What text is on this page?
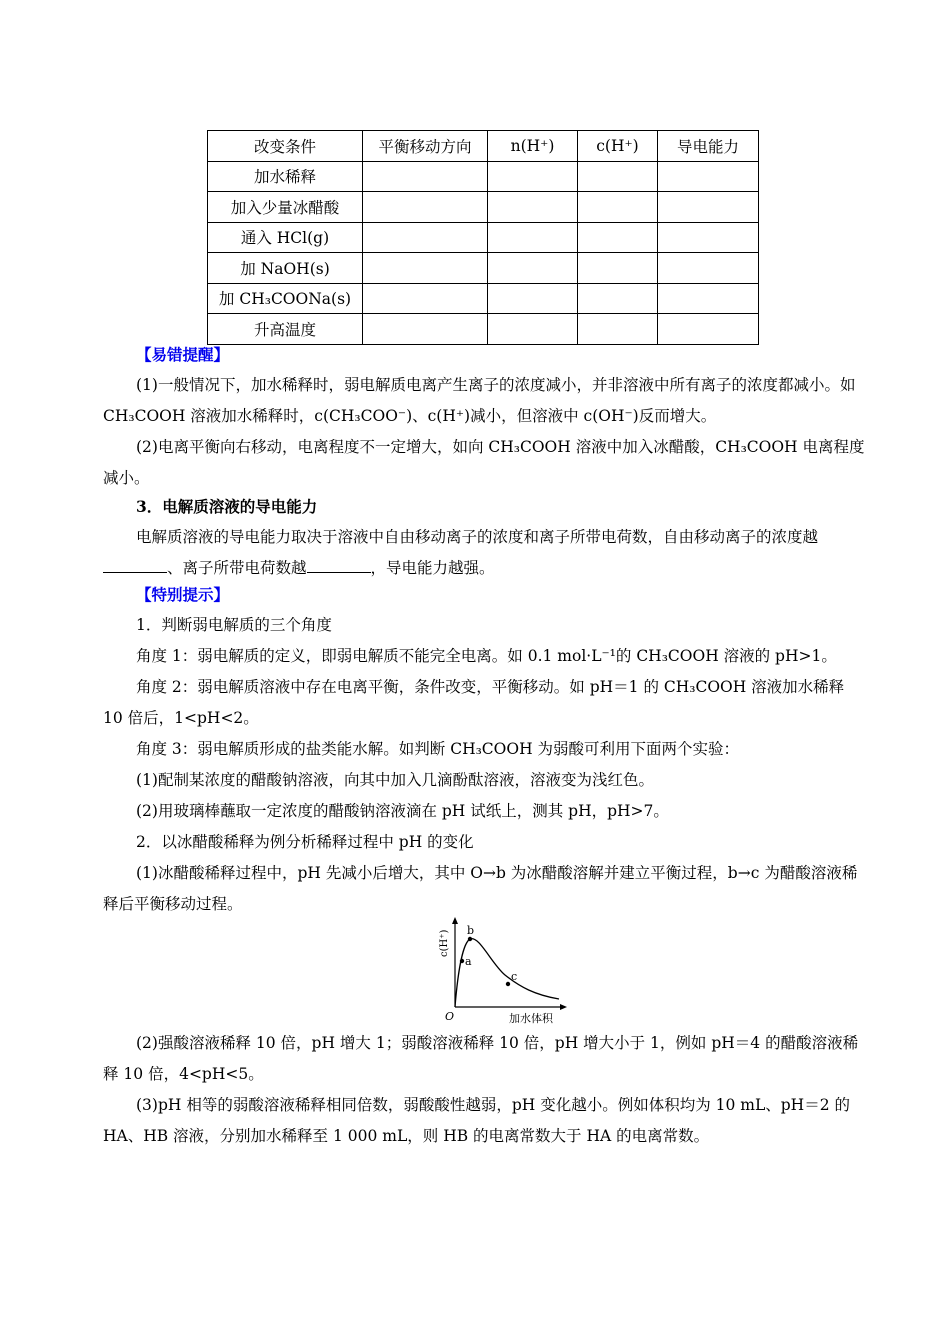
改变条件	平衡移动方向	n(H⁺)	c(H⁺)	导电能力
加水稀释				
加入少量冰醋酸				
通入 HCl(g)				
加 NaOH(s)				
加 CH₃COONa(s)				
升高温度				

【易错提醒】

(1)一般情况下，加水稀释时，弱电解质电离产生离子的浓度减小，并非溶液中所有离子的浓度都减小。如 CH₃COOH 溶液加水稀释时，c(CH₃COO⁻)、c(H⁺)减小，但溶液中 c(OH⁻)反而增大。

(2)电离平衡向右移动，电离程度不一定增大，如向 CH₃COOH 溶液中加入冰醋酸，CH₃COOH 电离程度减小。

3．电解质溶液的导电能力

电解质溶液的导电能力取决于溶液中自由移动离子的浓度和离子所带电荷数，自由移动离子的浓度越、离子所带电荷数越	，导电能力越强。

【特别提示】

1．判断弱电解质的三个角度

角度 1：弱电解质的定义，即弱电解质不能完全电离。如 0.1 mol·L⁻¹的 CH₃COOH 溶液的 pH>1。

角度 2：弱电解质溶液中存在电离平衡，条件改变，平衡移动。如 pH＝1 的 CH₃COOH 溶液加水稀释 10 倍后，1<pH<2。

角度 3：弱电解质形成的盐类能水解。如判断 CH₃COOH 为弱酸可利用下面两个实验：

(1)配制某浓度的醋酸钠溶液，向其中加入几滴酚酞溶液，溶液变为浅红色。

(2)用玻璃棒蘸取一定浓度的醋酸钠溶液滴在 pH 试纸上，测其 pH，pH>7。

2．以冰醋酸稀释为例分析稀释过程中 pH 的变化

(1)冰醋酸稀释过程中，pH 先减小后增大，其中 O→b 为冰醋酸溶解并建立平衡过程，b→c 为醋酸溶液稀释后平衡移动过程。

a
b
c
O	加水体积
c(H⁺)

(2)强酸溶液稀释 10 倍，pH 增大 1；弱酸溶液稀释 10 倍，pH 增大小于 1，例如 pH＝4 的醋酸溶液稀释 10 倍，4<pH<5。

(3)pH 相等的弱酸溶液稀释相同倍数，弱酸酸性越弱，pH 变化越小。例如体积均为 10 mL、pH＝2 的 HA、HB 溶液，分别加水稀释至 1 000 mL，则 HB 的电离常数大于 HA 的电离常数。
